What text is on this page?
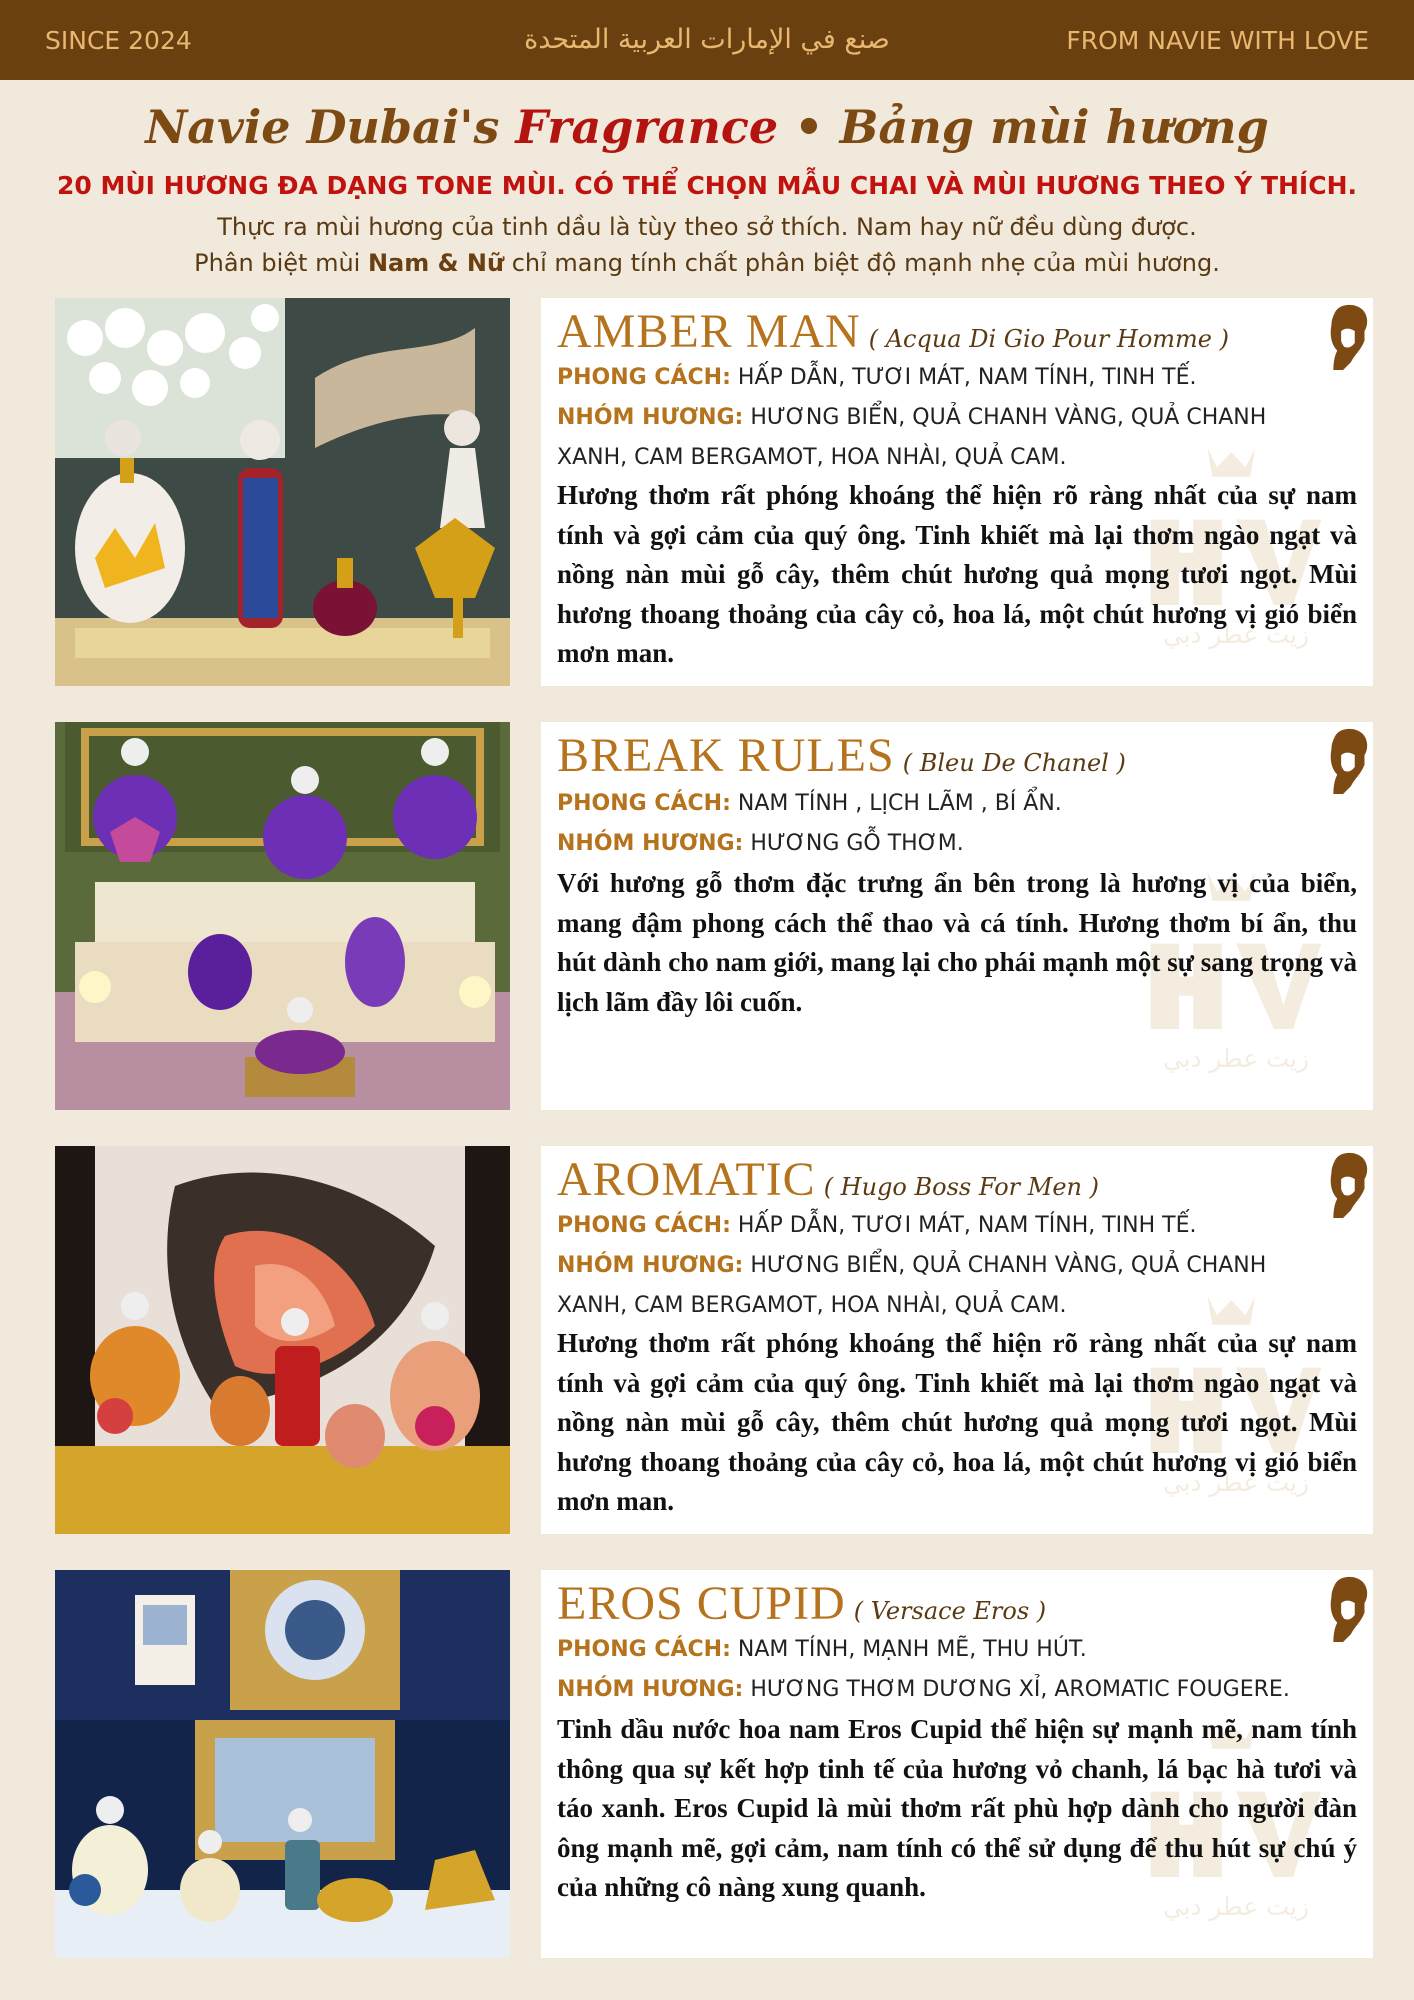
SINCE 2024	صنع في الإمارات العربية المتحدة	FROM NAVIE WITH LOVE
Navie Dubai's Fragrance • Bảng mùi hương
20 MÙI HƯƠNG ĐA DẠNG TONE MÙI. CÓ THỂ CHỌN MẪU CHAI VÀ MÙI HƯƠNG THEO Ý THÍCH.
Thực ra mùi hương của tinh dầu là tùy theo sở thích. Nam hay nữ đều dùng được.
Phân biệt mùi Nam & Nữ chỉ mang tính chất phân biệt độ mạnh nhẹ của mùi hương.
زيت عطر دبي
AMBER MAN ( Acqua Di Gio Pour Homme )
PHONG CÁCH: HẤP DẪN, TƯƠI MÁT, NAM TÍNH, TINH TẾ.
NHÓM HƯƠNG: HƯƠNG BIỂN, QUẢ CHANH VÀNG, QUẢ CHANH XANH, CAM BERGAMOT, HOA NHÀI, QUẢ CAM.
Hương thơm rất phóng khoáng thể hiện rõ ràng nhất của sự nam tính và gợi cảm của quý ông. Tinh khiết mà lại thơm ngào ngạt và nồng nàn mùi gỗ cây, thêm chút hương quả mọng tươi ngọt. Mùi hương thoang thoảng của cây cỏ, hoa lá, một chút hương vị gió biển mơn man.
زيت عطر دبي
BREAK RULES ( Bleu De Chanel )
PHONG CÁCH: NAM TÍNH , LỊCH LÃM , BÍ ẨN.
NHÓM HƯƠNG: HƯƠNG GỖ THƠM.
Với hương gỗ thơm đặc trưng ẩn bên trong là hương vị của biển, mang đậm phong cách thể thao và cá tính. Hương thơm bí ẩn, thu hút dành cho nam giới, mang lại cho phái mạnh một sự sang trọng và lịch lãm đầy lôi cuốn.
زيت عطر دبي
AROMATIC ( Hugo Boss For Men )
PHONG CÁCH: HẤP DẪN, TƯƠI MÁT, NAM TÍNH, TINH TẾ.
NHÓM HƯƠNG: HƯƠNG BIỂN, QUẢ CHANH VÀNG, QUẢ CHANH XANH, CAM BERGAMOT, HOA NHÀI, QUẢ CAM.
Hương thơm rất phóng khoáng thể hiện rõ ràng nhất của sự nam tính và gợi cảm của quý ông. Tinh khiết mà lại thơm ngào ngạt và nồng nàn mùi gỗ cây, thêm chút hương quả mọng tươi ngọt. Mùi hương thoang thoảng của cây cỏ, hoa lá, một chút hương vị gió biển mơn man.
زيت عطر دبي
EROS CUPID ( Versace Eros )
PHONG CÁCH: NAM TÍNH, MẠNH MẼ, THU HÚT.
NHÓM HƯƠNG: HƯƠNG THƠM DƯƠNG XỈ, AROMATIC FOUGERE.
Tinh dầu nước hoa nam Eros Cupid thể hiện sự mạnh mẽ, nam tính thông qua sự kết hợp tinh tế của hương vỏ chanh, lá bạc hà tươi và táo xanh. Eros Cupid là mùi thơm rất phù hợp dành cho người đàn ông mạnh mẽ, gợi cảm, nam tính có thể sử dụng để thu hút sự chú ý của những cô nàng xung quanh.
